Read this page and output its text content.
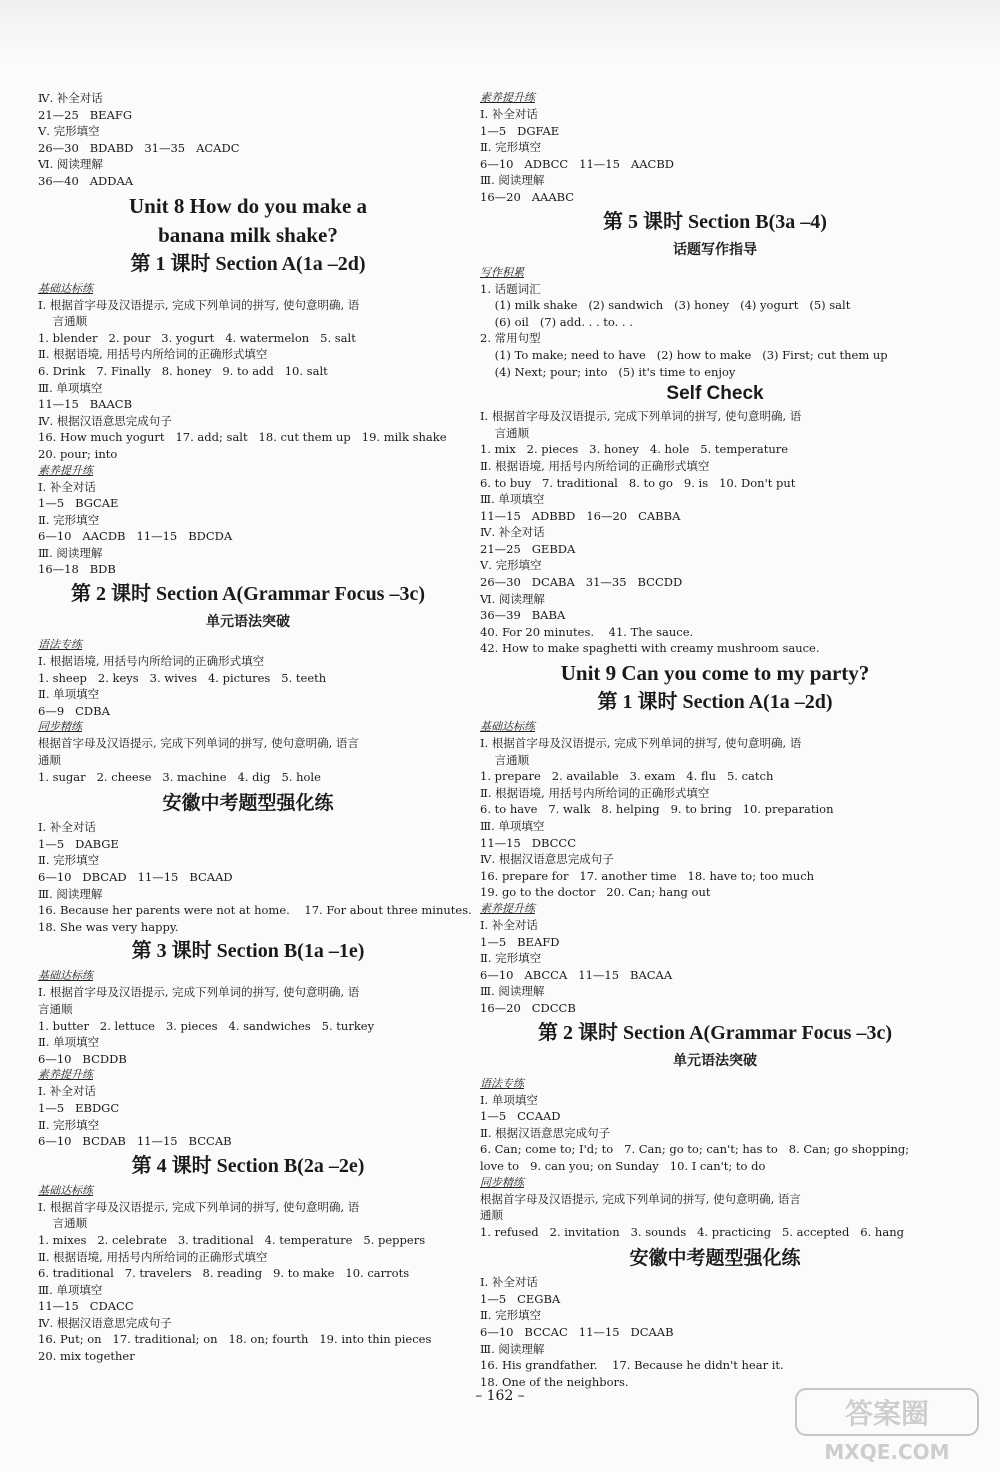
Ⅳ. 补全对话
21—25   BEAFG
Ⅴ. 完形填空
26—30   BDABD   31—35   ACADC
Ⅵ. 阅读理解
36—40   ADDAA
Unit 8 How do you make a
banana milk shake?
第 1 课时 Section A(1a –2d)
基础达标练
Ⅰ. 根据首字母及汉语提示, 完成下列单词的拼写, 使句意明确, 语
言通顺
1. blender   2. pour   3. yogurt   4. watermelon   5. salt
Ⅱ. 根据语境, 用括号内所给词的正确形式填空
6. Drink   7. Finally   8. honey   9. to add   10. salt
Ⅲ. 单项填空
11—15   BAACB
Ⅳ. 根据汉语意思完成句子
16. How much yogurt   17. add; salt   18. cut them up   19. milk shake
20. pour; into
素养提升练
Ⅰ. 补全对话
1—5   BGCAE
Ⅱ. 完形填空
6—10   AACDB   11—15   BDCDA
Ⅲ. 阅读理解
16—18   BDB
第 2 课时 Section A(Grammar Focus –3c)
单元语法突破
语法专练
Ⅰ. 根据语境, 用括号内所给词的正确形式填空
1. sheep   2. keys   3. wives   4. pictures   5. teeth
Ⅱ. 单项填空
6—9   CDBA
同步精练
根据首字母及汉语提示, 完成下列单词的拼写, 使句意明确, 语言
通顺
1. sugar   2. cheese   3. machine   4. dig   5. hole
安徽中考题型强化练
Ⅰ. 补全对话
1—5   DABGE
Ⅱ. 完形填空
6—10   DBCAD   11—15   BCAAD
Ⅲ. 阅读理解
16. Because her parents were not at home.    17. For about three minutes.
18. She was very happy.
第 3 课时 Section B(1a –1e)
基础达标练
Ⅰ. 根据首字母及汉语提示, 完成下列单词的拼写, 使句意明确, 语
言通顺
1. butter   2. lettuce   3. pieces   4. sandwiches   5. turkey
Ⅱ. 单项填空
6—10   BCDDB
素养提升练
Ⅰ. 补全对话
1—5   EBDGC
Ⅱ. 完形填空
6—10   BCDAB   11—15   BCCAB
第 4 课时 Section B(2a –2e)
基础达标练
Ⅰ. 根据首字母及汉语提示, 完成下列单词的拼写, 使句意明确, 语
言通顺
1. mixes   2. celebrate   3. traditional   4. temperature   5. peppers
Ⅱ. 根据语境, 用括号内所给词的正确形式填空
6. traditional   7. travelers   8. reading   9. to make   10. carrots
Ⅲ. 单项填空
11—15   CDACC
Ⅳ. 根据汉语意思完成句子
16. Put; on   17. traditional; on   18. on; fourth   19. into thin pieces
20. mix together
素养提升练
Ⅰ. 补全对话
1—5   DGFAE
Ⅱ. 完形填空
6—10   ADBCC   11—15   AACBD
Ⅲ. 阅读理解
16—20   AAABC
第 5 课时 Section B(3a –4)
话题写作指导
写作积累
1. 话题词汇
(1) milk shake   (2) sandwich   (3) honey   (4) yogurt   (5) salt
(6) oil   (7) add. . . to. . .
2. 常用句型
(1) To make; need to have   (2) how to make   (3) First; cut them up
(4) Next; pour; into   (5) it's time to enjoy
Self Check
Ⅰ. 根据首字母及汉语提示, 完成下列单词的拼写, 使句意明确, 语
言通顺
1. mix   2. pieces   3. honey   4. hole   5. temperature
Ⅱ. 根据语境, 用括号内所给词的正确形式填空
6. to buy   7. traditional   8. to go   9. is   10. Don't put
Ⅲ. 单项填空
11—15   ADBBD   16—20   CABBA
Ⅳ. 补全对话
21—25   GEBDA
Ⅴ. 完形填空
26—30   DCABA   31—35   BCCDD
Ⅵ. 阅读理解
36—39   BABA
40. For 20 minutes.    41. The sauce.
42. How to make spaghetti with creamy mushroom sauce.
Unit 9 Can you come to my party?
第 1 课时 Section A(1a –2d)
基础达标练
Ⅰ. 根据首字母及汉语提示, 完成下列单词的拼写, 使句意明确, 语
言通顺
1. prepare   2. available   3. exam   4. flu   5. catch
Ⅱ. 根据语境, 用括号内所给词的正确形式填空
6. to have   7. walk   8. helping   9. to bring   10. preparation
Ⅲ. 单项填空
11—15   DBCCC
Ⅳ. 根据汉语意思完成句子
16. prepare for   17. another time   18. have to; too much
19. go to the doctor   20. Can; hang out
素养提升练
Ⅰ. 补全对话
1—5   BEAFD
Ⅱ. 完形填空
6—10   ABCCA   11—15   BACAA
Ⅲ. 阅读理解
16—20   CDCCB
第 2 课时 Section A(Grammar Focus –3c)
单元语法突破
语法专练
Ⅰ. 单项填空
1—5   CCAAD
Ⅱ. 根据汉语意思完成句子
6. Can; come to; I'd; to   7. Can; go to; can't; has to   8. Can; go shopping;
love to   9. can you; on Sunday   10. I can't; to do
同步精练
根据首字母及汉语提示, 完成下列单词的拼写, 使句意明确, 语言
通顺
1. refused   2. invitation   3. sounds   4. practicing   5. accepted   6. hang
安徽中考题型强化练
Ⅰ. 补全对话
1—5   CEGBA
Ⅱ. 完形填空
6—10   BCCAC   11—15   DCAAB
Ⅲ. 阅读理解
16. His grandfather.    17. Because he didn't hear it.
18. One of the neighbors.
– 162 –
答案圈
MXQE.COM
